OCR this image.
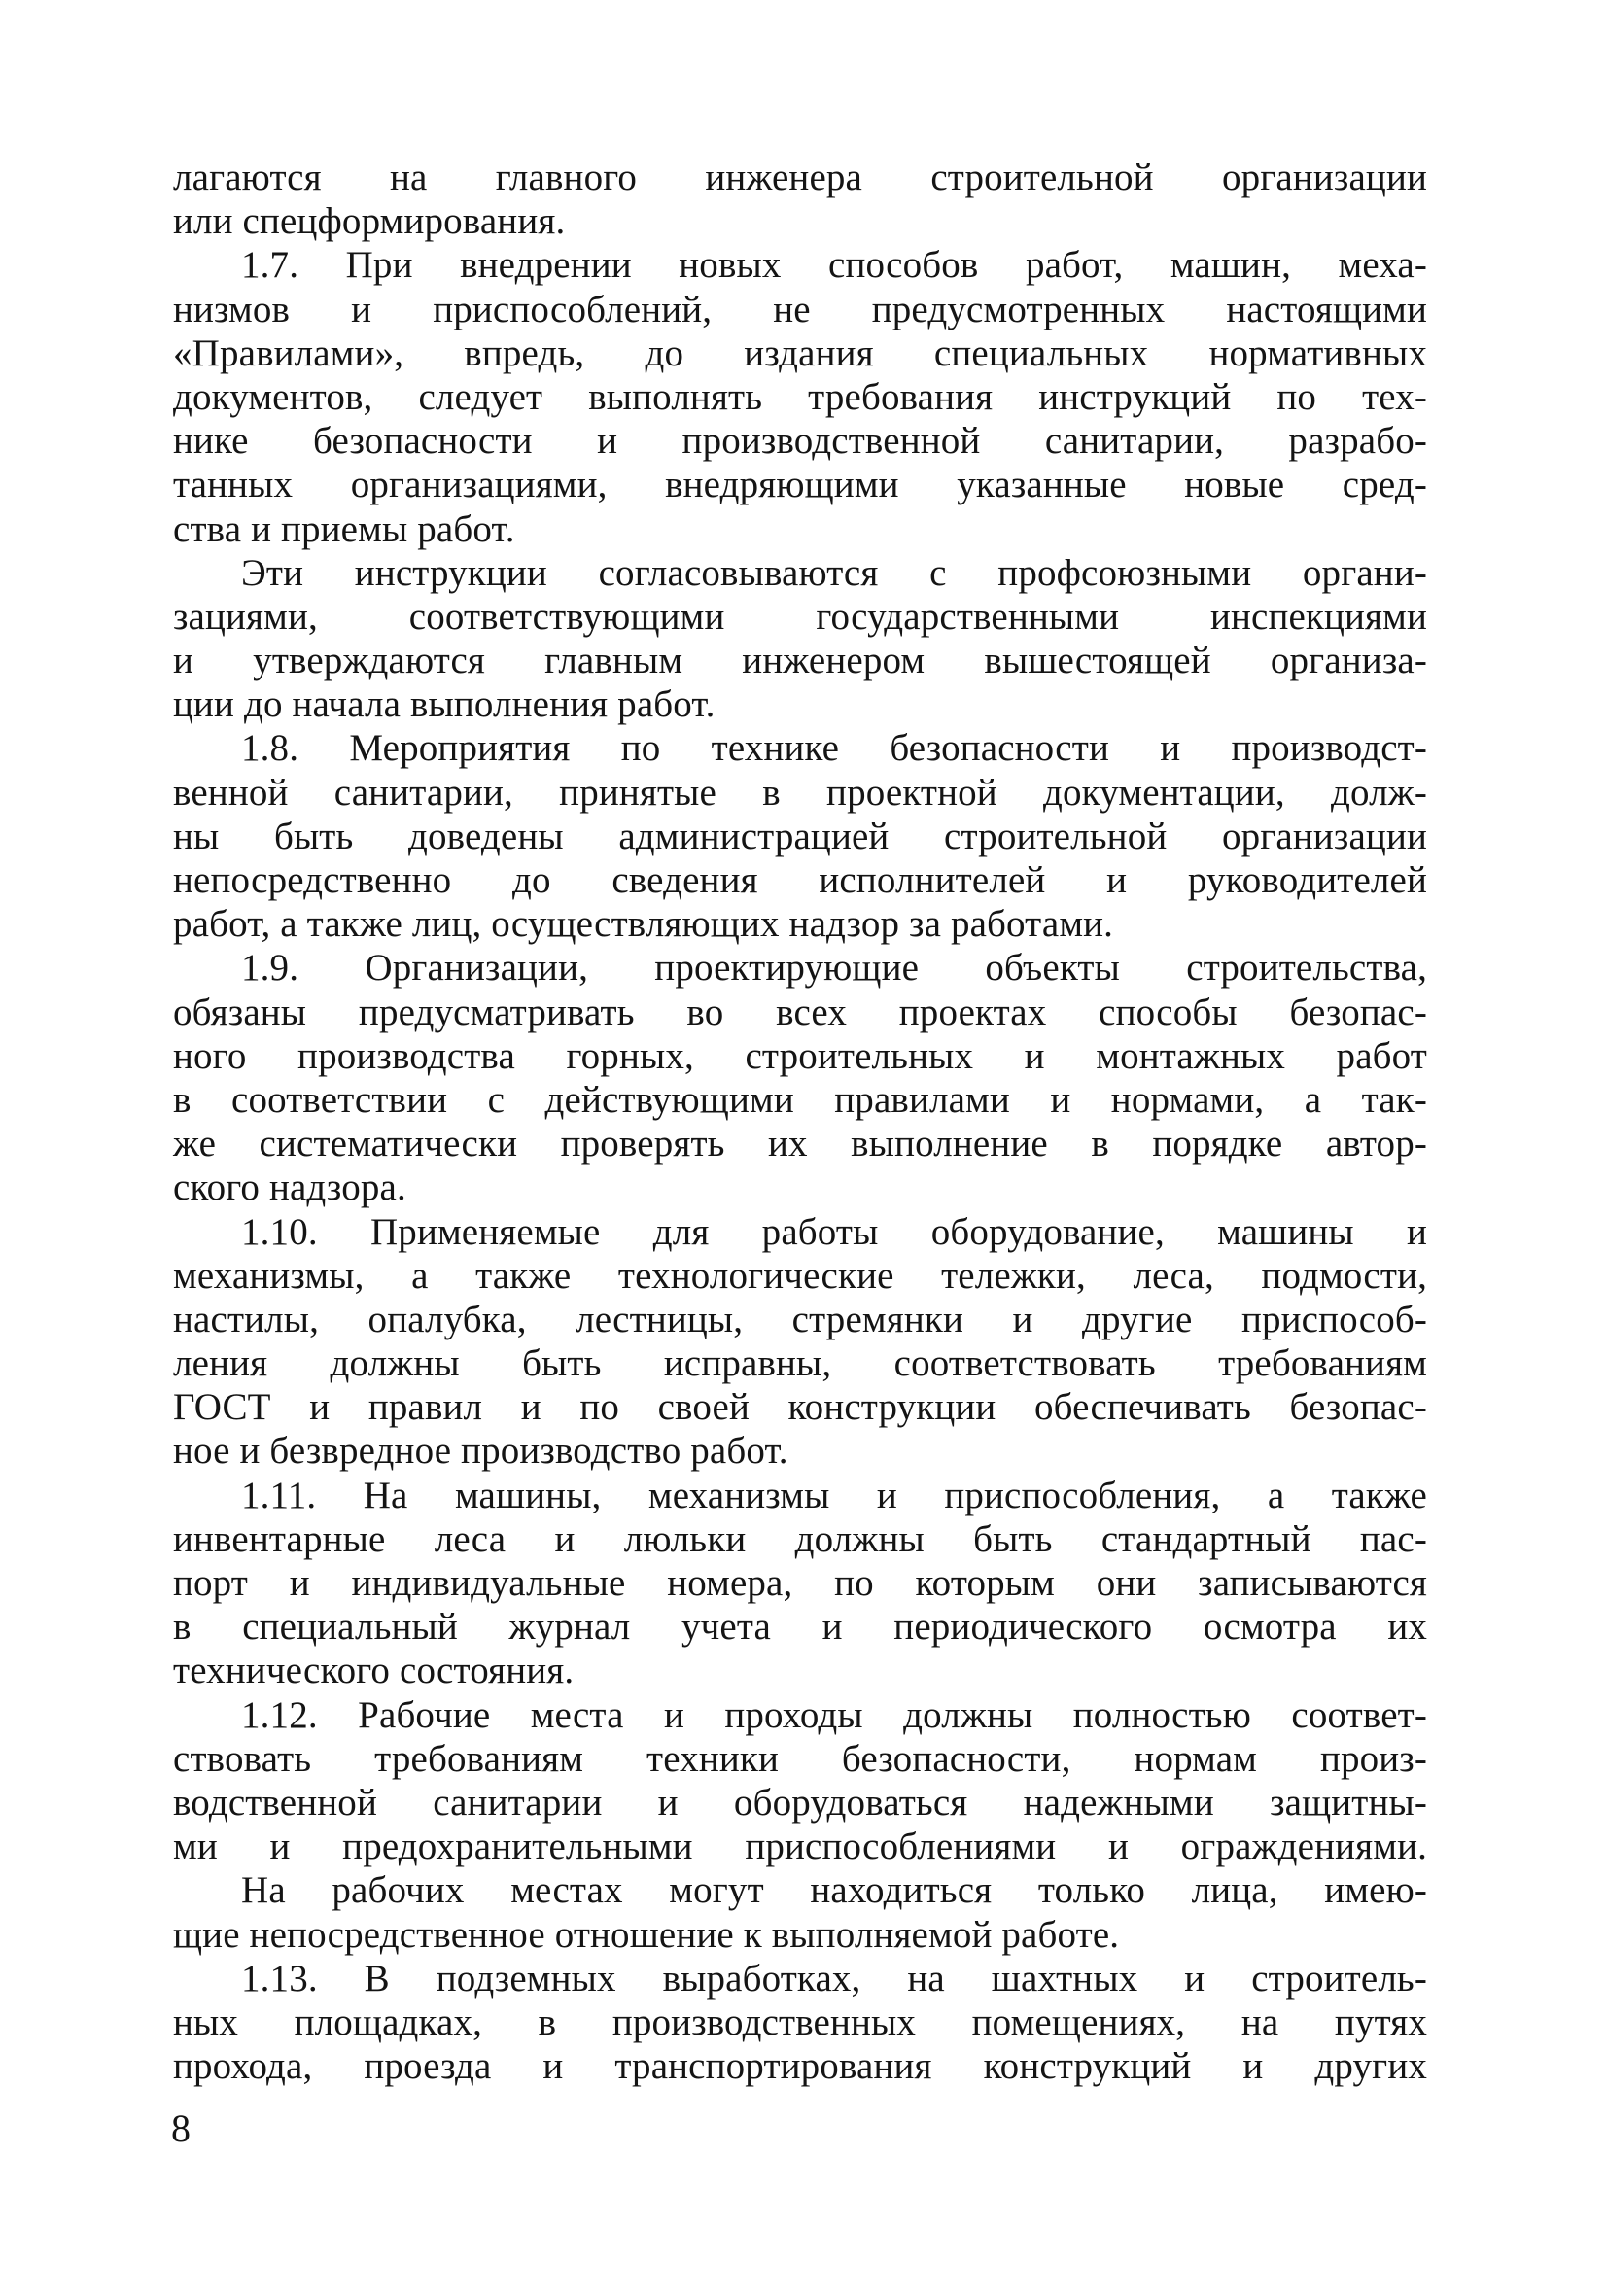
лагаются на главного инженера строительной организации
или спецформирования.
1.7. При внедрении новых способов работ, машин, меха-
низмов и приспособлений, не предусмотренных настоящими
«Правилами», впредь, до издания специальных нормативных
документов, следует выполнять требования инструкций по тех-
нике безопасности и производственной санитарии, разрабо-
танных организациями, внедряющими указанные новые сред-
ства и приемы работ.
Эти инструкции согласовываются с профсоюзными органи-
зациями, соответствующими государственными инспекциями
и утверждаются главным инженером вышестоящей организа-
ции до начала выполнения работ.
1.8. Мероприятия по технике безопасности и производст-
венной санитарии, принятые в проектной документации, долж-
ны быть доведены администрацией строительной организации
непосредственно до сведения исполнителей и руководителей
работ, а также лиц, осуществляющих надзор за работами.
1.9. Организации, проектирующие объекты строительства,
обязаны предусматривать во всех проектах способы безопас-
ного производства горных, строительных и монтажных работ
в соответствии с действующими правилами и нормами, а так-
же систематически проверять их выполнение в порядке автор-
ского надзора.
1.10. Применяемые для работы оборудование, машины и
механизмы, а также технологические тележки, леса, подмости,
настилы, опалубка, лестницы, стремянки и другие приспособ-
ления должны быть исправны, соответствовать требованиям
ГОСТ и правил и по своей конструкции обеспечивать безопас-
ное и безвредное производство работ.
1.11. На машины, механизмы и приспособления, а также
инвентарные леса и люльки должны быть стандартный пас-
порт и индивидуальные номера, по которым они записываются
в специальный журнал учета и периодического осмотра их
технического состояния.
1.12. Рабочие места и проходы должны полностью соответ-
ствовать требованиям техники безопасности, нормам произ-
водственной санитарии и оборудоваться надежными защитны-
ми и предохранительными приспособлениями и ограждениями.
На рабочих местах могут находиться только лица, имею-
щие непосредственное отношение к выполняемой работе.
1.13. В подземных выработках, на шахтных и строитель-
ных площадках, в производственных помещениях, на путях
прохода, проезда и транспортирования конструкций и других
8
